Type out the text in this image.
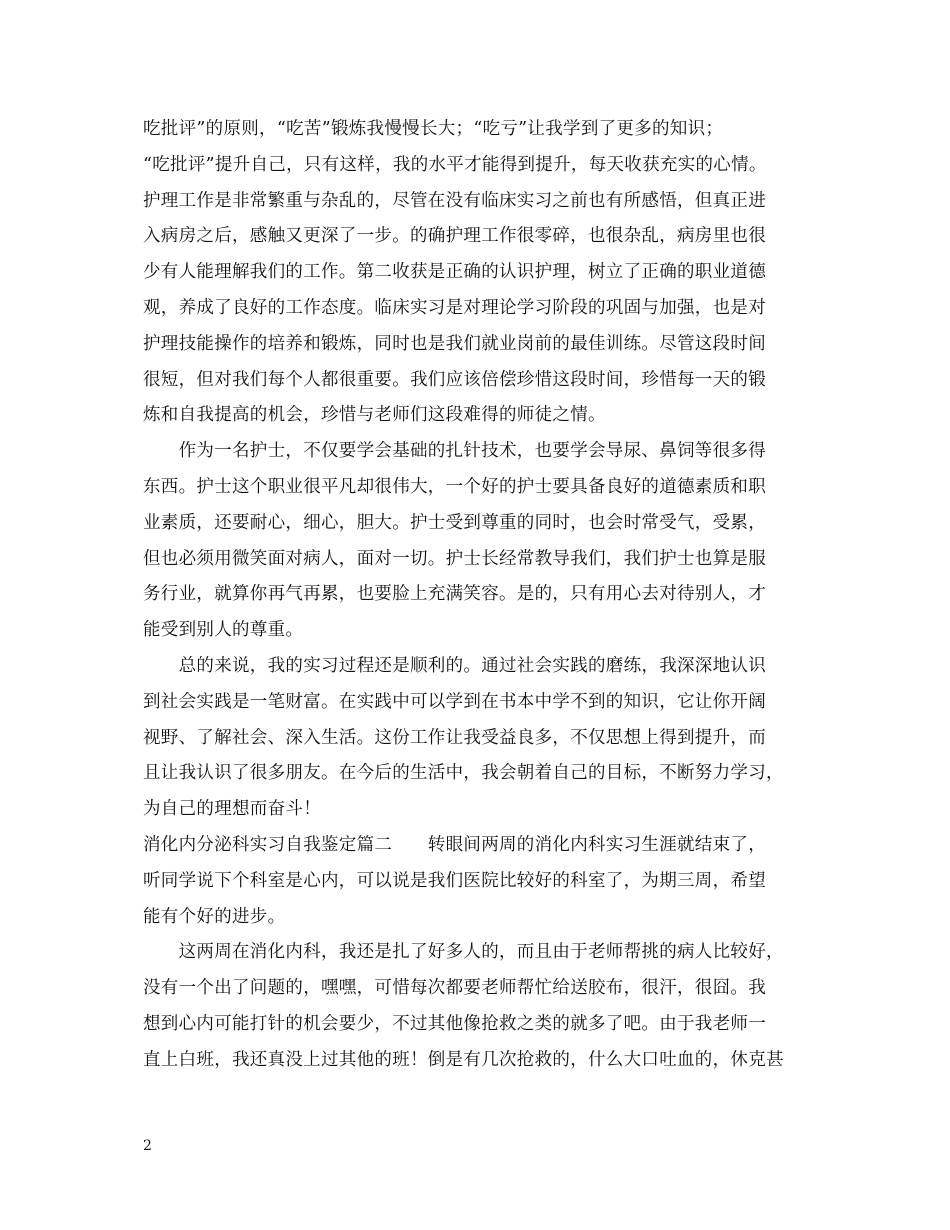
吃批评”的原则，“吃苦”锻炼我慢慢长大；“吃亏”让我学到了更多的知识；
“吃批评”提升自己，只有这样，我的水平才能得到提升，每天收获充实的心情。
护理工作是非常繁重与杂乱的，尽管在没有临床实习之前也有所感悟，但真正进
入病房之后，感触又更深了一步。的确护理工作很零碎，也很杂乱，病房里也很
少有人能理解我们的工作。第二收获是正确的认识护理，树立了正确的职业道德
观，养成了良好的工作态度。临床实习是对理论学习阶段的巩固与加强，也是对
护理技能操作的培养和锻炼，同时也是我们就业岗前的最佳训练。尽管这段时间
很短，但对我们每个人都很重要。我们应该倍偿珍惜这段时间，珍惜每一天的锻
炼和自我提高的机会，珍惜与老师们这段难得的师徒之情。
　　作为一名护士，不仅要学会基础的扎针技术，也要学会导尿、鼻饲等很多得
东西。护士这个职业很平凡却很伟大，一个好的护士要具备良好的道德素质和职
业素质，还要耐心，细心，胆大。护士受到尊重的同时，也会时常受气，受累，
但也必须用微笑面对病人，面对一切。护士长经常教导我们，我们护士也算是服
务行业，就算你再气再累，也要脸上充满笑容。是的，只有用心去对待别人，才
能受到别人的尊重。
　　总的来说，我的实习过程还是顺利的。通过社会实践的磨练，我深深地认识
到社会实践是一笔财富。在实践中可以学到在书本中学不到的知识，它让你开阔
视野、了解社会、深入生活。这份工作让我受益良多，不仅思想上得到提升，而
且让我认识了很多朋友。在今后的生活中，我会朝着自己的目标，不断努力学习，
为自己的理想而奋斗！
消化内分泌科实习自我鉴定篇二　　转眼间两周的消化内科实习生涯就结束了，
听同学说下个科室是心内，可以说是我们医院比较好的科室了，为期三周，希望
能有个好的进步。
　　这两周在消化内科，我还是扎了好多人的，而且由于老师帮挑的病人比较好，
没有一个出了问题的，嘿嘿，可惜每次都要老师帮忙给送胶布，很汗，很囧。我
想到心内可能打针的机会要少，不过其他像抢救之类的就多了吧。由于我老师一
直上白班，我还真没上过其他的班！倒是有几次抢救的，什么大口吐血的，休克甚
2
